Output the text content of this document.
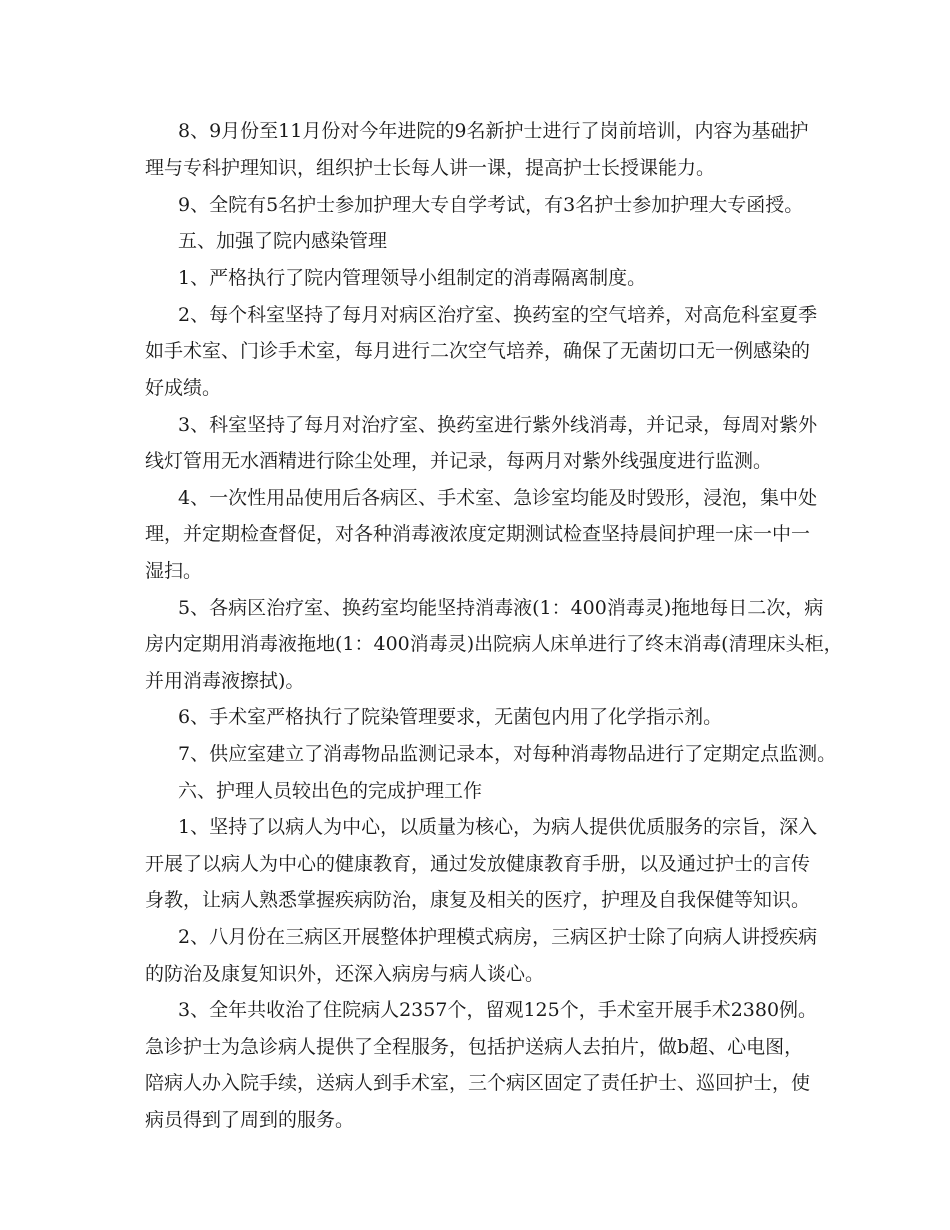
8、9月份至11月份对今年进院的9名新护士进行了岗前培训，内容为基础护
理与专科护理知识，组织护士长每人讲一课，提高护士长授课能力。
9、全院有5名护士参加护理大专自学考试，有3名护士参加护理大专函授。
五、加强了院内感染管理
1、严格执行了院内管理领导小组制定的消毒隔离制度。
2、每个科室坚持了每月对病区治疗室、换药室的空气培养，对高危科室夏季
如手术室、门诊手术室，每月进行二次空气培养，确保了无菌切口无一例感染的
好成绩。
3、科室坚持了每月对治疗室、换药室进行紫外线消毒，并记录，每周对紫外
线灯管用无水酒精进行除尘处理，并记录，每两月对紫外线强度进行监测。
4、一次性用品使用后各病区、手术室、急诊室均能及时毁形，浸泡，集中处
理，并定期检查督促，对各种消毒液浓度定期测试检查坚持晨间护理一床一中一
湿扫。
5、各病区治疗室、换药室均能坚持消毒液(1：400消毒灵)拖地每日二次，病
房内定期用消毒液拖地(1：400消毒灵)出院病人床单进行了终末消毒(清理床头柜，
并用消毒液擦拭)。
6、手术室严格执行了院染管理要求，无菌包内用了化学指示剂。
7、供应室建立了消毒物品监测记录本，对每种消毒物品进行了定期定点监测。
六、护理人员较出色的完成护理工作
1、坚持了以病人为中心，以质量为核心，为病人提供优质服务的宗旨，深入
开展了以病人为中心的健康教育，通过发放健康教育手册，以及通过护士的言传
身教，让病人熟悉掌握疾病防治，康复及相关的医疗，护理及自我保健等知识。
2、八月份在三病区开展整体护理模式病房，三病区护士除了向病人讲授疾病
的防治及康复知识外，还深入病房与病人谈心。
3、全年共收治了住院病人2357个，留观125个，手术室开展手术2380例。
急诊护士为急诊病人提供了全程服务，包括护送病人去拍片，做b超、心电图，
陪病人办入院手续，送病人到手术室，三个病区固定了责任护士、巡回护士，使
病员得到了周到的服务。
